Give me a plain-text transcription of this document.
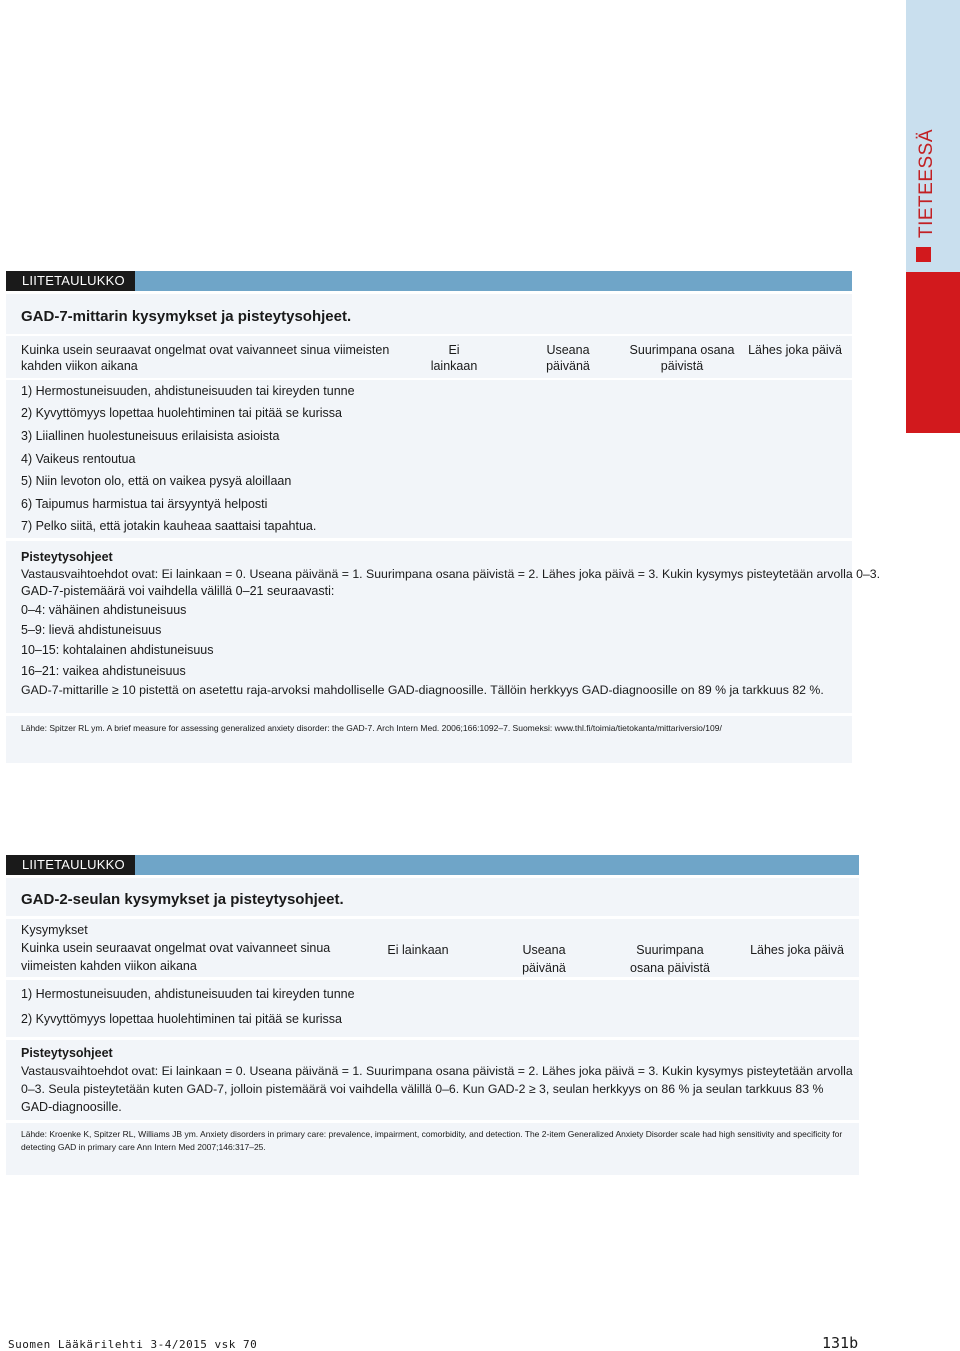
TIETEESSÄ
LIITETAULUKKO
GAD-7-mittarin kysymykset ja pisteytysohjeet.
Kuinka usein seuraavat ongelmat ovat vaivanneet sinua viimeisten
kahden viikon aikana
Ei
lainkaan
Useana
päivänä
Suurimpana osana
päivistä
Lähes joka päivä
1) Hermostuneisuuden, ahdistuneisuuden tai kireyden tunne
2) Kyvyttömyys lopettaa huolehtiminen tai pitää se kurissa
3) Liiallinen huolestuneisuus erilaisista asioista
4) Vaikeus rentoutua
5) Niin levoton olo, että on vaikea pysyä aloillaan
6) Taipumus harmistua tai ärsyyntyä helposti
7) Pelko siitä, että jotakin kauheaa saattaisi tapahtua.
Pisteytysohjeet
Vastausvaihtoehdot ovat: Ei lainkaan = 0. Useana päivänä = 1. Suurimpana osana päivistä = 2. Lähes joka päivä = 3. Kukin kysymys pisteytetään arvolla 0–3.
GAD-7-pistemäärä voi vaihdella välillä 0–21 seuraavasti:
0–4: vähäinen ahdistuneisuus
5–9: lievä ahdistuneisuus
10–15: kohtalainen ahdistuneisuus
16–21: vaikea ahdistuneisuus
GAD-7-mittarille ≥ 10 pistettä on asetettu raja-arvoksi mahdolliselle GAD-diagnoosille. Tällöin herkkyys GAD-diagnoosille on 89 % ja tarkkuus 82 %.
Lähde: Spitzer RL ym. A brief measure for assessing generalized anxiety disorder: the GAD-7. Arch Intern Med. 2006;166:1092–7. Suomeksi: www.thl.fi/toimia/tietokanta/mittariversio/109/
LIITETAULUKKO
GAD-2-seulan kysymykset ja pisteytysohjeet.
Kysymykset
Kuinka usein seuraavat ongelmat ovat vaivanneet sinua
viimeisten kahden viikon aikana
Ei lainkaan	Useana
päivänä
Suurimpana
osana päivistä
Lähes joka päivä
1) Hermostuneisuuden, ahdistuneisuuden tai kireyden tunne
2) Kyvyttömyys lopettaa huolehtiminen tai pitää se kurissa
Pisteytysohjeet
Vastausvaihtoehdot ovat: Ei lainkaan = 0. Useana päivänä = 1. Suurimpana osana päivistä = 2. Lähes joka päivä = 3. Kukin kysymys pisteytetään arvolla
0–3. Seula pisteytetään kuten GAD-7, jolloin pistemäärä voi vaihdella välillä 0–6. Kun GAD-2 ≥ 3, seulan herkkyys on 86 % ja seulan tarkkuus 83 %
GAD-diagnoosille.
Lähde: Kroenke K, Spitzer RL, Williams JB ym. Anxiety disorders in primary care: prevalence, impairment, comorbidity, and detection. The 2-item Generalized Anxiety Disorder scale had high sensitivity and specificity for
detecting GAD in primary care Ann Intern Med 2007;146:317–25.
Suomen Lääkärilehti 3-4/2015 vsk 70	131b
